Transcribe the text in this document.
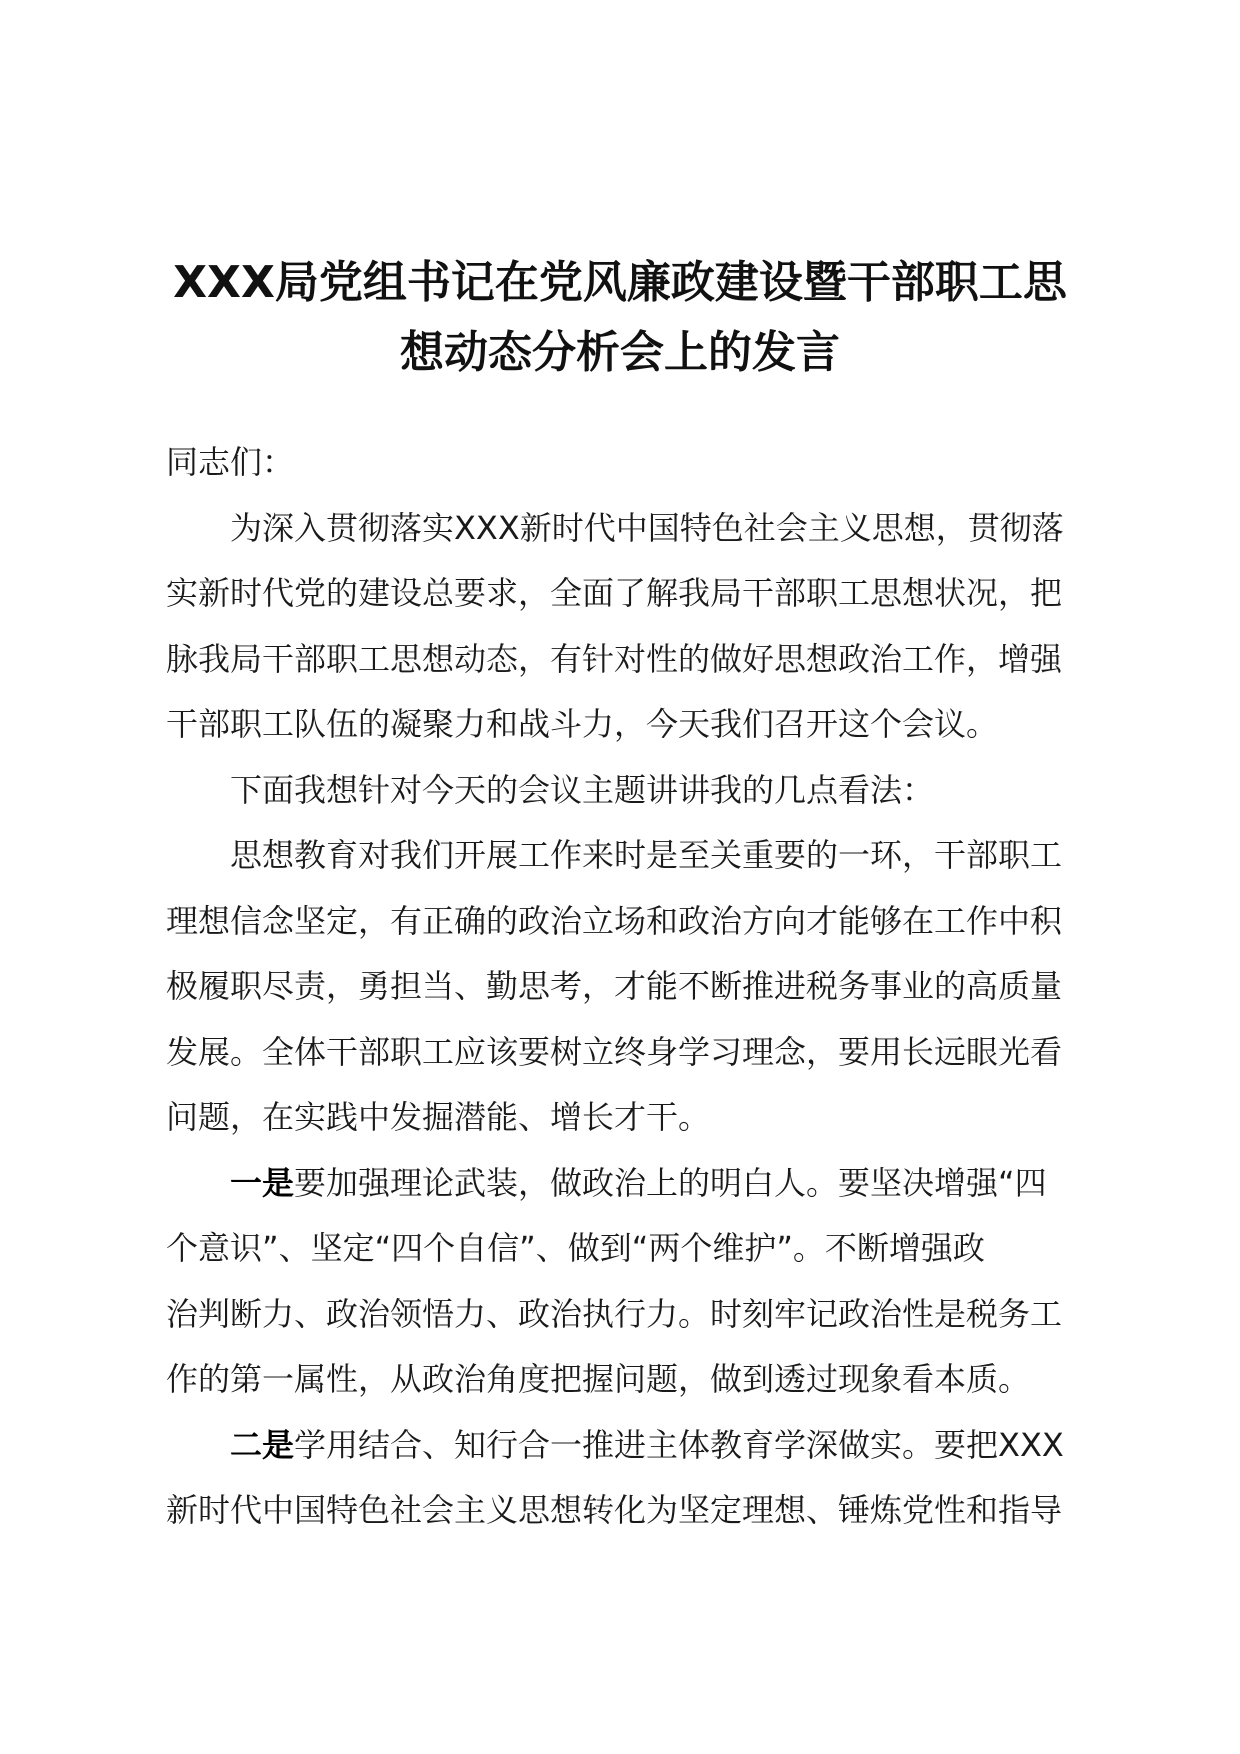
XXX局党组书记在党风廉政建设暨干部职工思
想动态分析会上的发言
同志们：
为深入贯彻落实XXX新时代中国特色社会主义思想，贯彻落
实新时代党的建设总要求，全面了解我局干部职工思想状况，把
脉我局干部职工思想动态，有针对性的做好思想政治工作，增强
干部职工队伍的凝聚力和战斗力，今天我们召开这个会议。
下面我想针对今天的会议主题讲讲我的几点看法：
思想教育对我们开展工作来时是至关重要的一环，干部职工
理想信念坚定，有正确的政治立场和政治方向才能够在工作中积
极履职尽责，勇担当、勤思考，才能不断推进税务事业的高质量
发展。全体干部职工应该要树立终身学习理念，要用长远眼光看
问题，在实践中发掘潜能、增长才干。
一是要加强理论武装，做政治上的明白人。要坚决增强“四
个意识”、坚定“四个自信”、做到“两个维护”。不断增强政
治判断力、政治领悟力、政治执行力。时刻牢记政治性是税务工
作的第一属性，从政治角度把握问题，做到透过现象看本质。
二是学用结合、知行合一推进主体教育学深做实。要把XXX
新时代中国特色社会主义思想转化为坚定理想、锤炼党性和指导
